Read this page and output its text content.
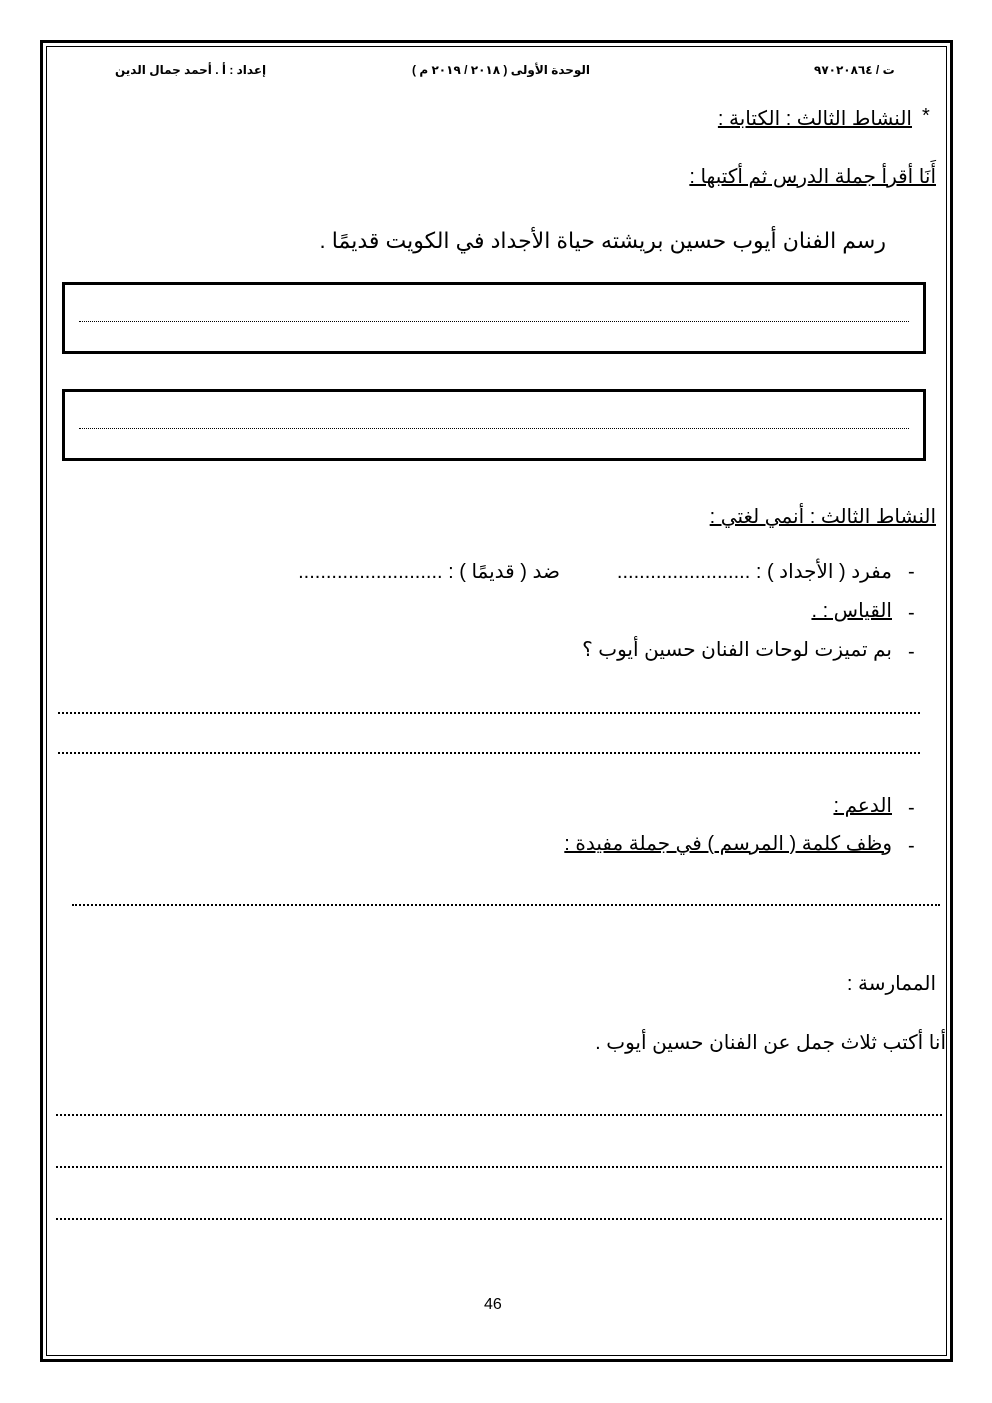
ت / ٩٧٠٢٠٨٦٤
الوحدة الأولى ( ٢٠١٨ / ٢٠١٩ م )
إعداد : أ . أحمد جمال الدين
*
النشاط الثالث : الكتابة :
أَنَا أقرأ جملة الدرس ثم أكتبها :
رسم الفنان أيوب حسين بريشته حياة الأجداد في الكويت قديمًا .
النشاط الثالث : أنمي لغتي :
-
مفرد ( الأجداد ) : ........................
ضد ( قديمًا ) : ..........................
-
القياس : .
-
بم تميزت لوحات الفنان حسين أيوب ؟
-
الدعم :
-
وظف كلمة ( المرسم ) في جملة مفيدة :
الممارسة :
أنا أكتب ثلاث جمل عن الفنان حسين أيوب .
46
